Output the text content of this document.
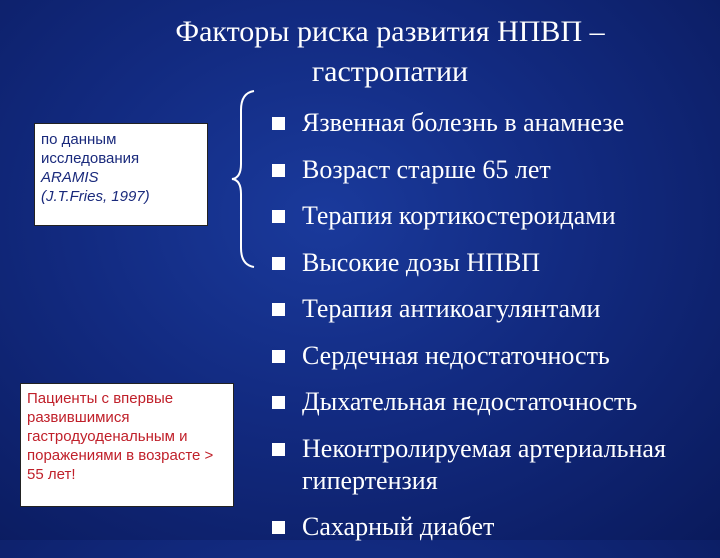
Факторы риска развития НПВП –

гастропатии
по данным
исследования
ARAMIS
(J.T.Fries, 1997)
Язвенная болезнь в анамнезе
Возраст старше 65 лет
Терапия кортикостероидами
Высокие дозы НПВП
Терапия антикоагулянтами
Сердечная недостаточность
Дыхательная недостаточность
Неконтролируемая артериальная гипертензия
Сахарный диабет
Пациенты с впервые развившимися гастродуоденальным и поражениями в возрасте > 55 лет!
